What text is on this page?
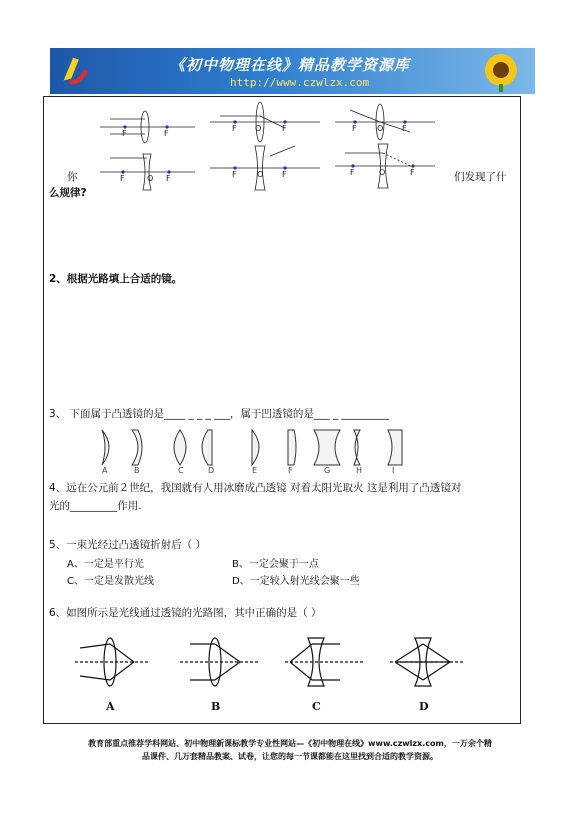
《初中物理在线》精品教学资源库
http://www.czwlzx.com
F	F
F O	F	F	O F
F	O F	F	O F	F	O	F
你	们发现了什
么规律?
2、根据光路填上合适的镜。
3、 下面属于凸透镜的是____ _ _ _ ___，属于凹透镜的是___ _ _________
A	B	C	D	E	F	G	H	I
4、远在公元前２世纪，我国就有人用冰磨成凸透镜 对着太阳光取火 这是利用了凸透镜对
光的_________作用.
5、一束光经过凸透镜折射后（ ）
A、一定是平行光	B、一定会聚于一点
C、一定是发散光线	D、一定较入射光线会聚一些
6、如图所示是光线通过透镜的光路图，其中正确的是（ ）
A	B	C	D
教育部重点推荐学科网站、初中物理新课标教学专业性网站—《初中物理在线》www.czwlzx.com，一万余个精
品课件、几万套精品教案、试卷，让您的每一节课都能在这里找到合适的教学资源。
